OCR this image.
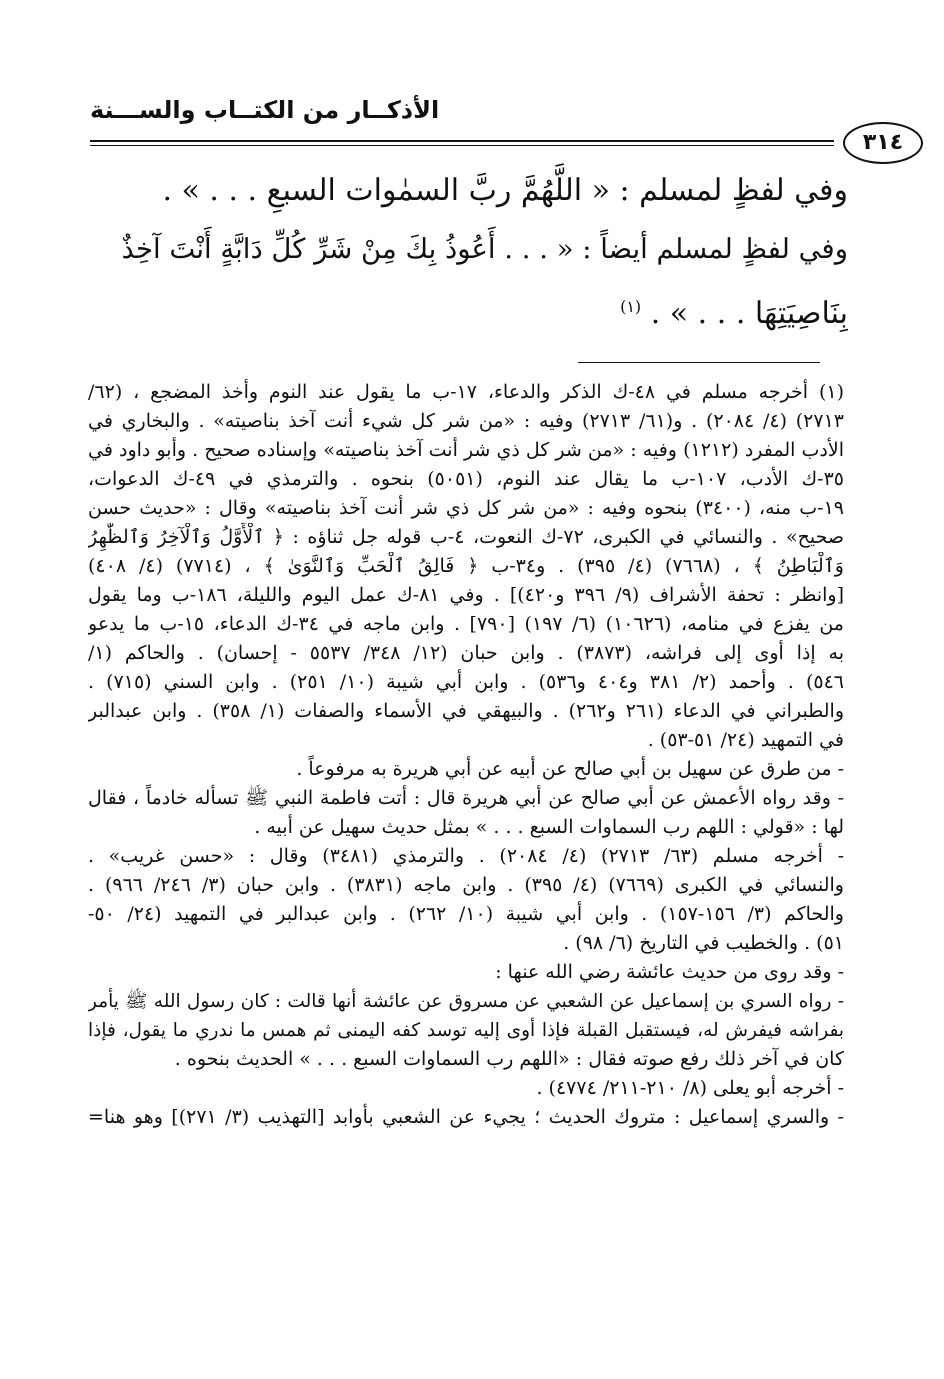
الأذكــار من الكتــاب والســـنة
٣١٤
وفي لفظٍ لمسلم : « اللَّهُمَّ ربَّ السمٰوات السبعِ . . . » .
وفي لفظٍ لمسلم أيضاً : « . . . أَعُوذُ بِكَ مِنْ شَرِّ كُلِّ دَابَّةٍ أَنْتَ آخِذٌ
بِنَاصِيَتِهَا . . . » . $^{(١)}$
(١) أخرجه مسلم في ٤٨-ك الذكر والدعاء، ١٧-ب ما يقول عند النوم وأخذ المضجع ، (٦٢/
٢٧١٣) (٤/ ٢٠٨٤) . و(٦١/ ٢٧١٣) وفيه : «من شر كل شيء أنت آخذ بناصيته» . والبخاري في
الأدب المفرد (١٢١٢) وفيه : «من شر كل ذي شر أنت آخذ بناصيته» وإسناده صحيح . وأبو داود في
٣٥-ك الأدب، ١٠٧-ب ما يقال عند النوم، (٥٠٥١) بنحوه . والترمذي في ٤٩-ك الدعوات،
١٩-ب منه، (٣٤٠٠) بنحوه وفيه : «من شر كل ذي شر أنت آخذ بناصيته» وقال : «حديث حسن
صحيح» . والنسائي في الكبرى، ٧٢-ك النعوت، ٤-ب قوله جل ثناؤه : ﴿ ٱلْأَوَّلُ وَٱلْآخِرُ وَٱلظَّٰهِرُ
وَٱلْبَاطِنُ ﴾ ، (٧٦٦٨) (٤/ ٣٩٥) . و٣٤-ب ﴿ فَالِقُ ٱلْحَبِّ وَٱلنَّوَىٰ ﴾ ، (٧٧١٤) (٤/ ٤٠٨)
[وانظر : تحفة الأشراف (٩/ ٣٩٦ و٤٢٠)] . وفي ٨١-ك عمل اليوم والليلة، ١٨٦-ب وما يقول
من يفزع في منامه، (١٠٦٢٦) (٦/ ١٩٧) [٧٩٠] . وابن ماجه في ٣٤-ك الدعاء، ١٥-ب ما يدعو
به إذا أوى إلى فراشه، (٣٨٧٣) . وابن حبان (١٢/ ٣٤٨/ ٥٥٣٧ - إحسان) . والحاكم (١/
٥٤٦) . وأحمد (٢/ ٣٨١ و٤٠٤ و٥٣٦) . وابن أبي شيبة (١٠/ ٢٥١) . وابن السني (٧١٥) .
والطبراني في الدعاء (٢٦١ و٢٦٢) . والبيهقي في الأسماء والصفات (١/ ٣٥٨) . وابن عبدالبر
في التمهيد (٢٤/ ٥١-٥٣) .
- من طرق عن سهيل بن أبي صالح عن أبيه عن أبي هريرة به مرفوعاً .
- وقد رواه الأعمش عن أبي صالح عن أبي هريرة قال : أتت فاطمة النبي ﷺ تسأله خادماً ، فقال
لها : «قولي : اللهم رب السماوات السبع . . . » بمثل حديث سهيل عن أبيه .
- أخرجه مسلم (٦٣/ ٢٧١٣) (٤/ ٢٠٨٤) . والترمذي (٣٤٨١) وقال : «حسن غريب» .
والنسائي في الكبرى (٧٦٦٩) (٤/ ٣٩٥) . وابن ماجه (٣٨٣١) . وابن حبان (٣/ ٢٤٦/ ٩٦٦) .
والحاكم (٣/ ١٥٦-١٥٧) . وابن أبي شيبة (١٠/ ٢٦٢) . وابن عبدالبر في التمهيد (٢٤/ ٥٠-
٥١) . والخطيب في التاريخ (٦/ ٩٨) .
- وقد روى من حديث عائشة رضي الله عنها :
- رواه السري بن إسماعيل عن الشعبي عن مسروق عن عائشة أنها قالت : كان رسول الله ﷺ يأمر
بفراشه فيفرش له، فيستقبل القبلة فإذا أوى إليه توسد كفه اليمنى ثم همس ما ندري ما يقول، فإذا
كان في آخر ذلك رفع صوته فقال : «اللهم رب السماوات السبع . . . » الحديث بنحوه .
- أخرجه أبو يعلى (٨/ ٢١٠-٢١١/ ٤٧٧٤) .
- والسري إسماعيل : متروك الحديث ؛ يجيء عن الشعبي بأوابد [التهذيب (٣/ ٢٧١)] وهو هنا=
